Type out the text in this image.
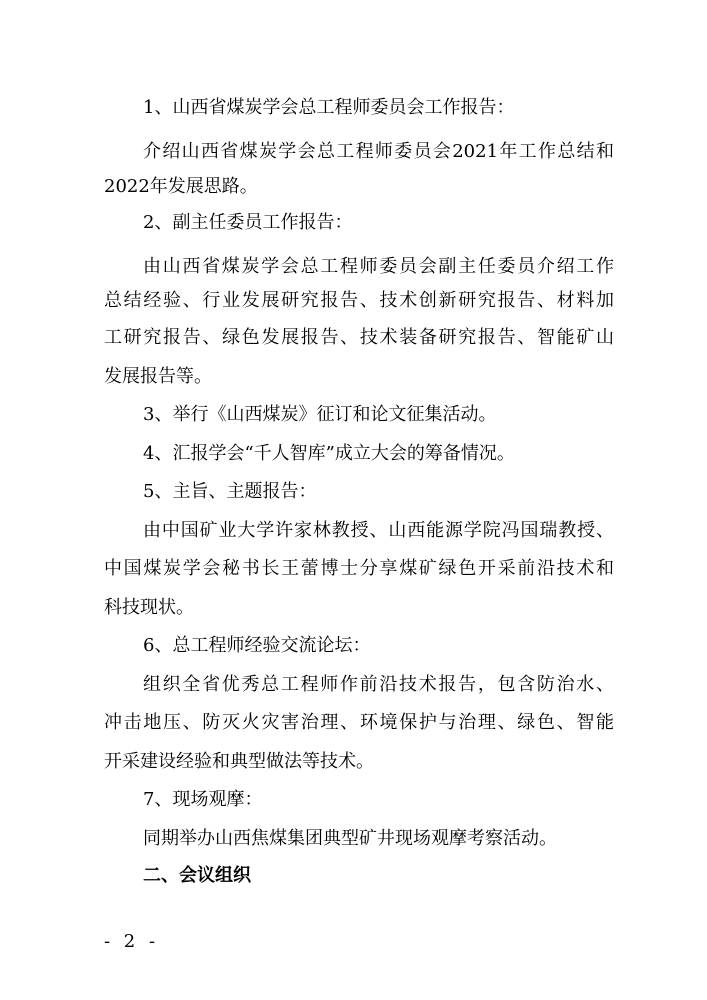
1、山西省煤炭学会总工程师委员会工作报告：
介绍山西省煤炭学会总工程师委员会2021年工作总结和
2022年发展思路。
2、副主任委员工作报告：
由山西省煤炭学会总工程师委员会副主任委员介绍工作
总结经验、行业发展研究报告、技术创新研究报告、材料加
工研究报告、绿色发展报告、技术装备研究报告、智能矿山
发展报告等。
3、举行《山西煤炭》征订和论文征集活动。
4、汇报学会“千人智库”成立大会的筹备情况。
5、主旨、主题报告：
由中国矿业大学许家林教授、山西能源学院冯国瑞教授、
中国煤炭学会秘书长王蕾博士分享煤矿绿色开采前沿技术和
科技现状。
6、总工程师经验交流论坛：
组织全省优秀总工程师作前沿技术报告，包含防治水、
冲击地压、防灭火灾害治理、环境保护与治理、绿色、智能
开采建设经验和典型做法等技术。
7、现场观摩：
同期举办山西焦煤集团典型矿井现场观摩考察活动。
二、会议组织
- 2 -
